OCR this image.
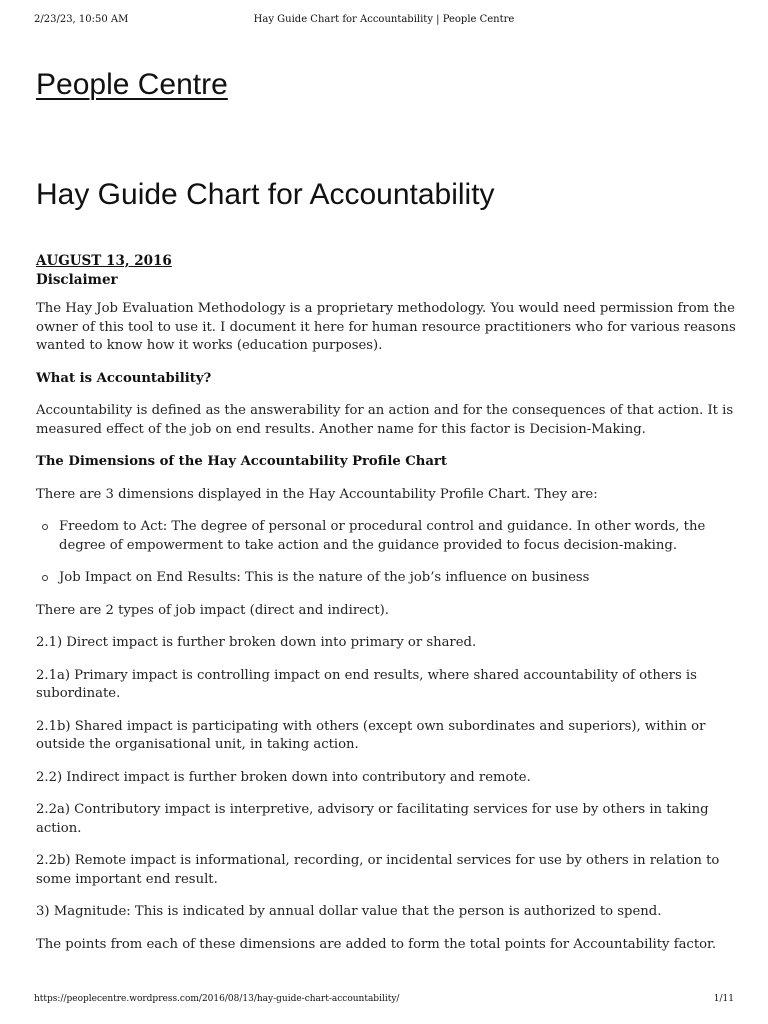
2/23/23, 10:50 AM	Hay Guide Chart for Accountability | People Centre
People Centre
Hay Guide Chart for Accountability
AUGUST 13, 2016
Disclaimer

The Hay Job Evaluation Methodology is a proprietary methodology. You would need permission from the owner of this tool to use it. I document it here for human resource practitioners who for various reasons wanted to know how it works (education purposes).

What is Accountability?

Accountability is defined as the answerability for an action and for the consequences of that action. It is measured effect of the job on end results. Another name for this factor is Decision-Making.

The Dimensions of the Hay Accountability Profile Chart

There are 3 dimensions displayed in the Hay Accountability Profile Chart. They are:

Freedom to Act: The degree of personal or procedural control and guidance. In other words, the degree of empowerment to take action and the guidance provided to focus decision-making.
Job Impact on End Results: This is the nature of the job’s influence on business

There are 2 types of job impact (direct and indirect).

2.1) Direct impact is further broken down into primary or shared.

2.1a) Primary impact is controlling impact on end results, where shared accountability of others is subordinate.

2.1b) Shared impact is participating with others (except own subordinates and superiors), within or outside the organisational unit, in taking action.

2.2) Indirect impact is further broken down into contributory and remote.

2.2a) Contributory impact is interpretive, advisory or facilitating services for use by others in taking action.

2.2b) Remote impact is informational, recording, or incidental services for use by others in relation to some important end result.

3) Magnitude: This is indicated by annual dollar value that the person is authorized to spend.

The points from each of these dimensions are added to form the total points for Accountability factor.

https://peoplecentre.wordpress.com/2016/08/13/hay-guide-chart-accountability/	1/11
